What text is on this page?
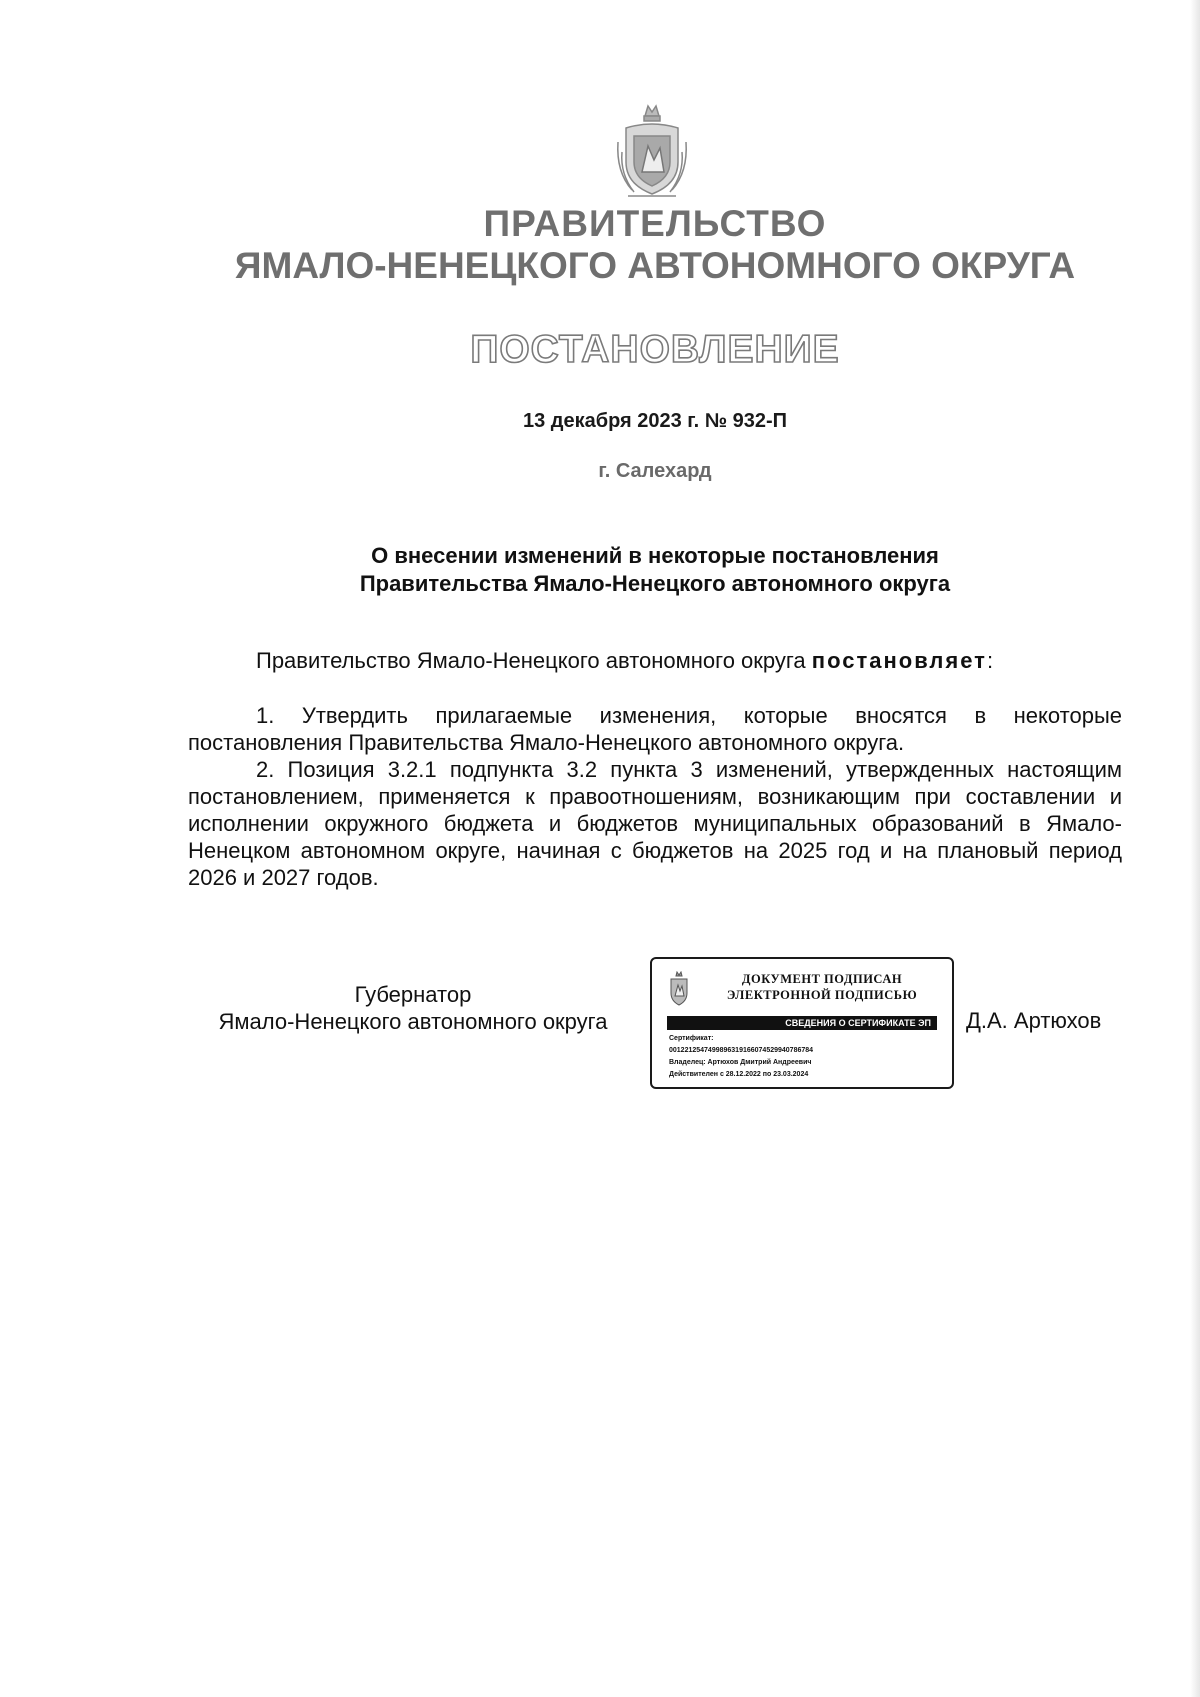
ПРАВИТЕЛЬСТВО
ЯМАЛО-НЕНЕЦКОГО АВТОНОМНОГО ОКРУГА
ПОСТАНОВЛЕНИЕ
13 декабря 2023 г. № 932-П
г. Салехард
О внесении изменений в некоторые постановления
Правительства Ямало-Ненецкого автономного округа
Правительство Ямало-Ненецкого автономного округа постановляет:

1. Утвердить прилагаемые изменения, которые вносятся в некоторые постановления Правительства Ямало-Ненецкого автономного округа.

2. Позиция 3.2.1 подпункта 3.2 пункта 3 изменений, утвержденных настоящим постановлением, применяется к правоотношениям, возникающим при составлении и исполнении окружного бюджета и бюджетов муниципальных образований в Ямало-Ненецком автономном округе, начиная с бюджетов на 2025 год и на плановый период 2026 и 2027 годов.

Губернатор
Ямало-Ненецкого автономного округа
ДОКУМЕНТ ПОДПИСАН
ЭЛЕКТРОННОЙ ПОДПИСЬЮ
СВЕДЕНИЯ О СЕРТИФИКАТЕ ЭП
Сертификат:
0012212547499896319166074529940786784
Владелец: Артюхов Дмитрий Андреевич
Действителен с 28.12.2022 по 23.03.2024
Д.А. Артюхов
